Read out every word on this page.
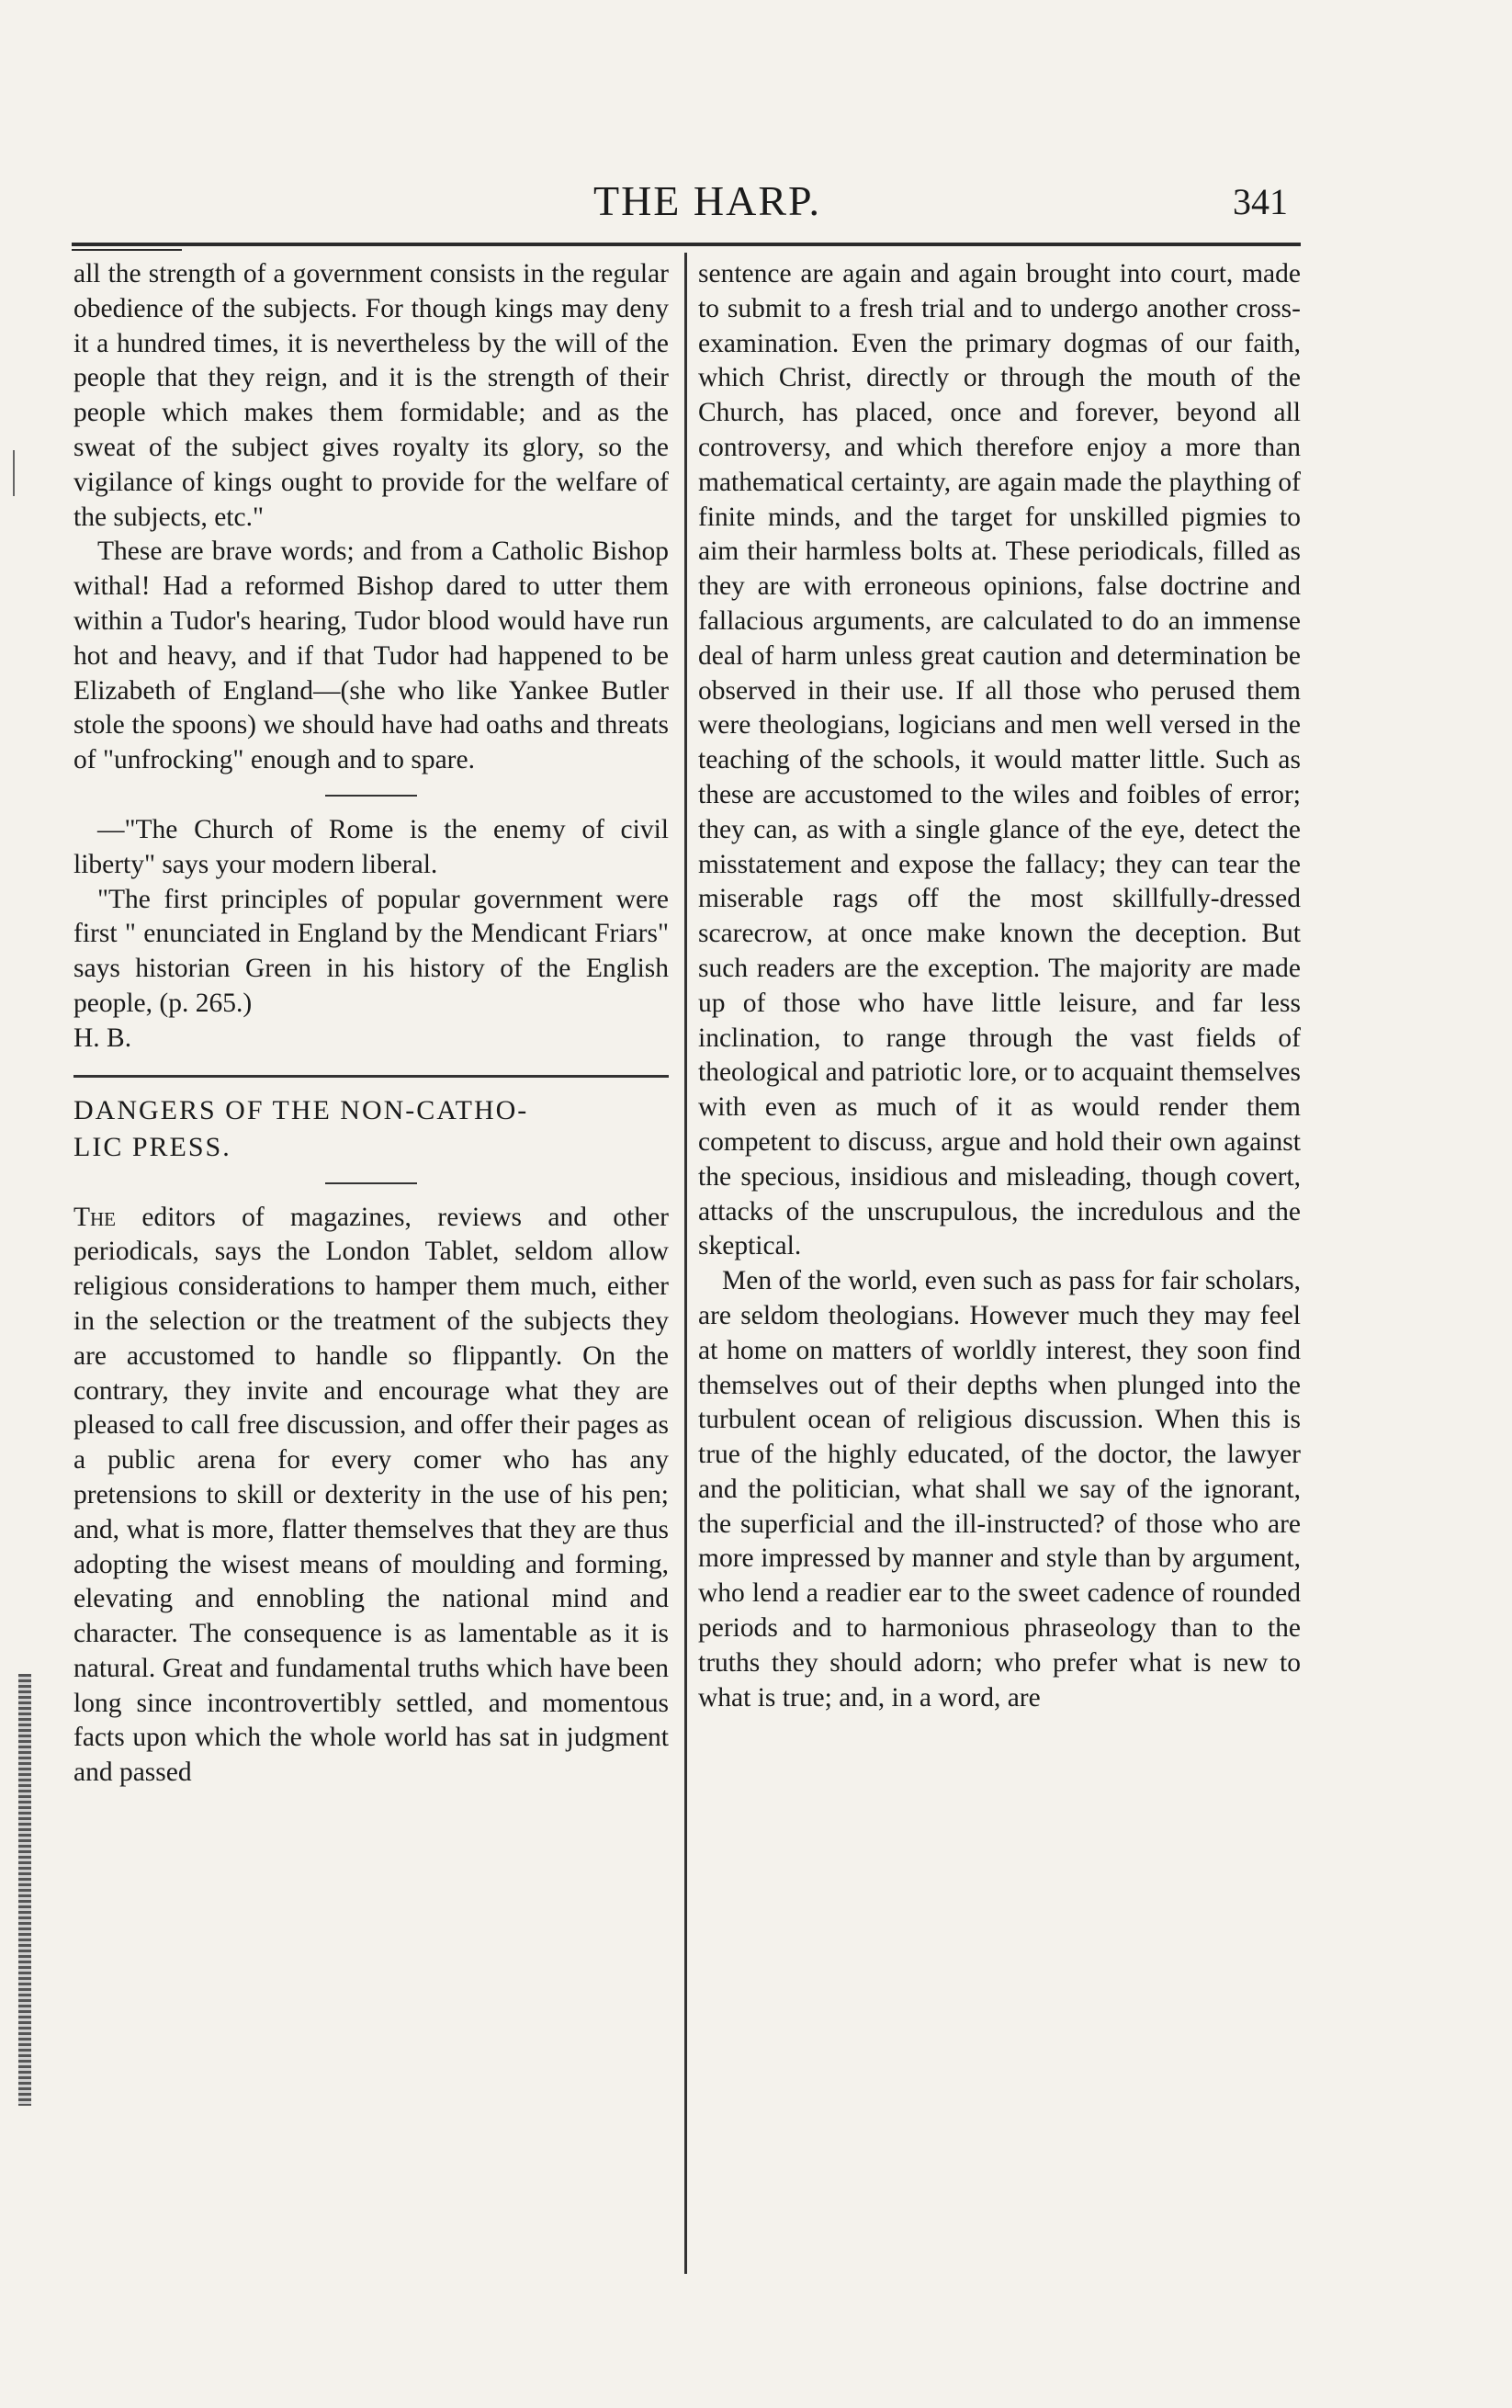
THE HARP.	341

all the strength of a government consists in the regular obedience of the subjects. For though kings may deny it a hundred times, it is nevertheless by the will of the people that they reign, and it is the strength of their people which makes them formidable; and as the sweat of the subject gives royalty its glory, so the vigilance of kings ought to provide for the welfare of the subjects, etc."

These are brave words; and from a Catholic Bishop withal! Had a reformed Bishop dared to utter them within a Tudor's hearing, Tudor blood would have run hot and heavy, and if that Tudor had happened to be Elizabeth of England—(she who like Yankee Butler stole the spoons) we should have had oaths and threats of "unfrocking" enough and to spare.

—"The Church of Rome is the enemy of civil liberty" says your modern liberal.

"The first principles of popular government were first " enunciated in England by the Mendicant Friars" says historian Green in his history of the English people, (p. 265.)

H. B.

DANGERS OF THE NON-CATHO-

LIC PRESS.

The editors of magazines, reviews and other periodicals, says the London Tablet, seldom allow religious considerations to hamper them much, either in the selection or the treatment of the subjects they are accustomed to handle so flippantly. On the contrary, they invite and encourage what they are pleased to call free discussion, and offer their pages as a public arena for every comer who has any pretensions to skill or dexterity in the use of his pen; and, what is more, flatter themselves that they are thus adopting the wisest means of moulding and forming, elevating and ennobling the national mind and character. The consequence is as lamentable as it is natural. Great and fundamental truths which have been long since incontrovertibly settled, and momentous facts upon which the whole world has sat in judgment and passed

sentence are again and again brought into court, made to submit to a fresh trial and to undergo another cross-examination. Even the primary dogmas of our faith, which Christ, directly or through the mouth of the Church, has placed, once and forever, beyond all controversy, and which therefore enjoy a more than mathematical certainty, are again made the plaything of finite minds, and the target for unskilled pigmies to aim their harmless bolts at. These periodicals, filled as they are with erroneous opinions, false doctrine and fallacious arguments, are calculated to do an immense deal of harm unless great caution and determination be observed in their use. If all those who perused them were theologians, logicians and men well versed in the teaching of the schools, it would matter little. Such as these are accustomed to the wiles and foibles of error; they can, as with a single glance of the eye, detect the misstatement and expose the fallacy; they can tear the miserable rags off the most skillfully-dressed scarecrow, at once make known the deception. But such readers are the exception. The majority are made up of those who have little leisure, and far less inclination, to range through the vast fields of theological and patriotic lore, or to acquaint themselves with even as much of it as would render them competent to discuss, argue and hold their own against the specious, insidious and misleading, though covert, attacks of the unscrupulous, the incredulous and the skeptical.

Men of the world, even such as pass for fair scholars, are seldom theologians. However much they may feel at home on matters of worldly interest, they soon find themselves out of their depths when plunged into the turbulent ocean of religious discussion. When this is true of the highly educated, of the doctor, the lawyer and the politician, what shall we say of the ignorant, the superficial and the ill-instructed? of those who are more impressed by manner and style than by argument, who lend a readier ear to the sweet cadence of rounded periods and to harmonious phraseology than to the truths they should adorn; who prefer what is new to what is true; and, in a word, are
